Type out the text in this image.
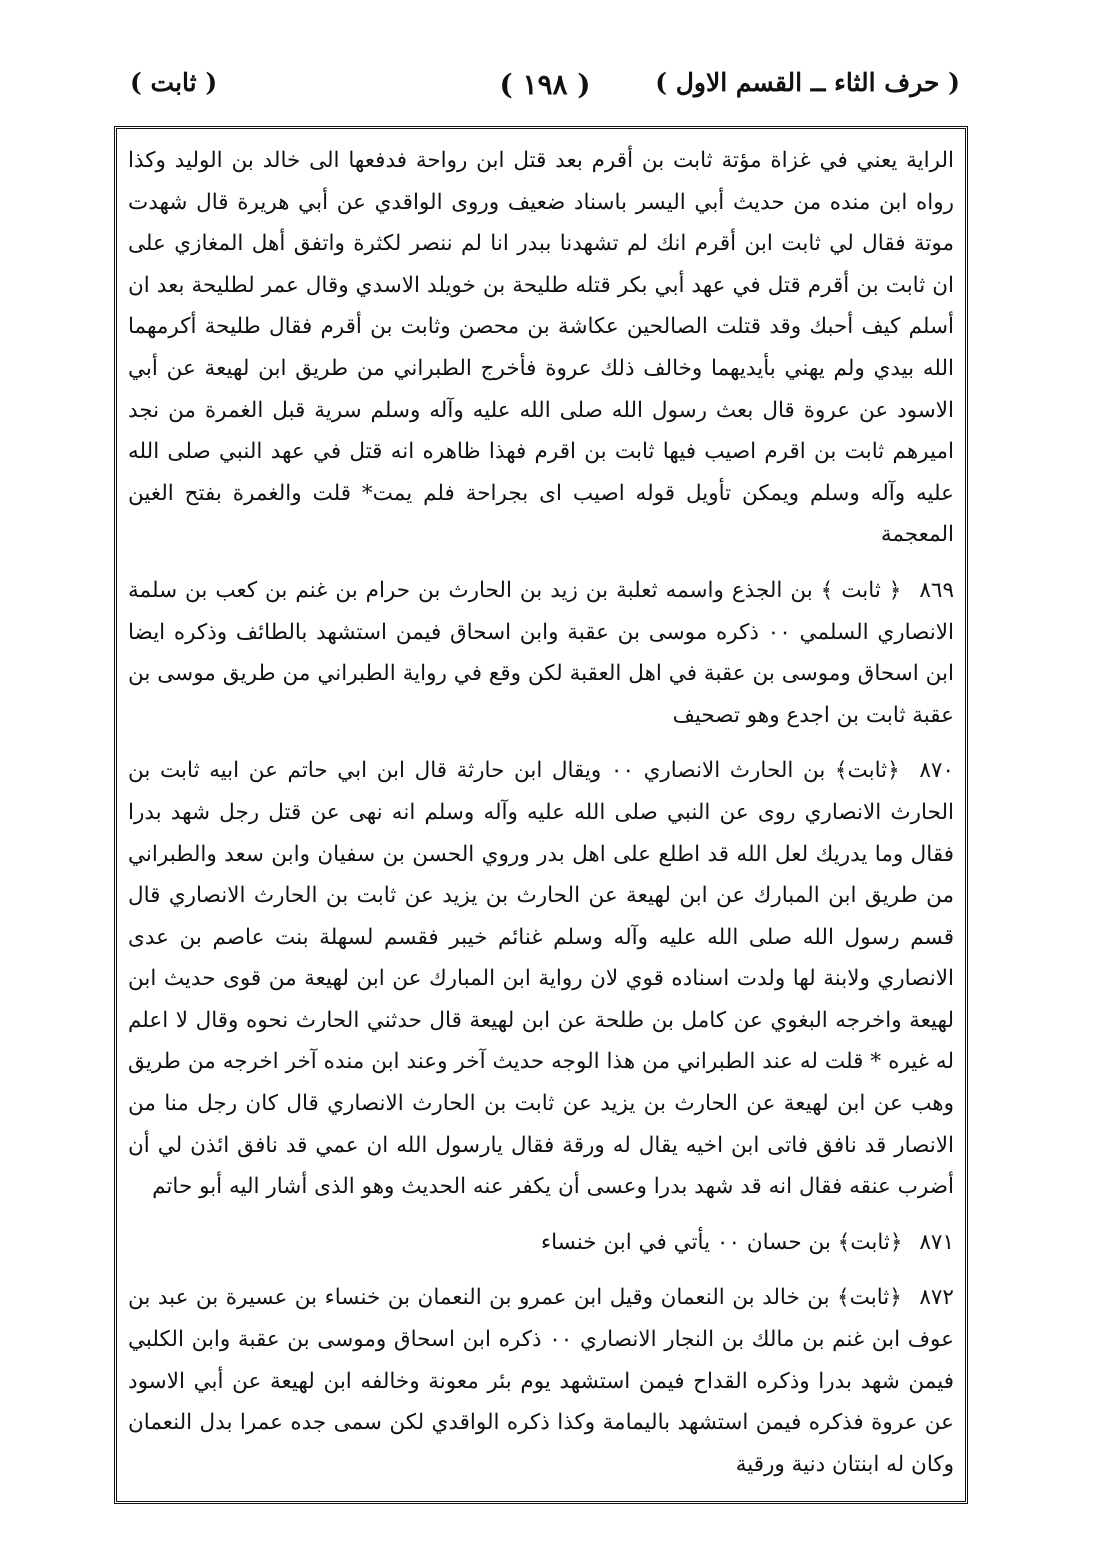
( حرف الثاء ــ القسم الاول )
( ١٩٨ )
( ثابت )

الراية يعني في غزاة مؤتة ثابت بن أقرم بعد قتل ابن رواحة فدفعها الى خالد بن الوليد وكذا رواه ابن منده من حديث أبي اليسر باسناد ضعيف وروى الواقدي عن أبي هريرة قال شهدت موتة فقال لي ثابت ابن أقرم انك لم تشهدنا ببدر انا لم ننصر لكثرة واتفق أهل المغازي على ان ثابت بن أقرم قتل في عهد أبي بكر قتله طليحة بن خويلد الاسدي وقال عمر لطليحة بعد ان أسلم كيف أحبك وقد قتلت الصالحين عكاشة بن محصن وثابت بن أقرم فقال طليحة أكرمهما الله بيدي ولم يهني بأيديهما وخالف ذلك عروة فأخرج الطبراني من طريق ابن لهيعة عن أبي الاسود عن عروة قال بعث رسول الله صلى الله عليه وآله وسلم سرية قبل الغمرة من نجد اميرهم ثابت بن اقرم اصيب فيها ثابت بن اقرم فهذا ظاهره انه قتل في عهد النبي صلى الله عليه وآله وسلم ويمكن تأويل قوله اصيب اى بجراحة فلم يمت* قلت والغمرة بفتح الغين المعجمة

٨٦٩ ﴿ ثابت ﴾ بن الجذع واسمه ثعلبة بن زيد بن الحارث بن حرام بن غنم بن كعب بن سلمة الانصاري السلمي ٠٠ ذكره موسى بن عقبة وابن اسحاق فيمن استشهد بالطائف وذكره ايضا ابن اسحاق وموسى بن عقبة في اهل العقبة لكن وقع في رواية الطبراني من طريق موسى بن عقبة ثابت بن اجدع وهو تصحيف

٨٧٠ ﴿ثابت﴾ بن الحارث الانصاري ٠٠ ويقال ابن حارثة قال ابن ابي حاتم عن ابيه ثابت بن الحارث الانصاري روى عن النبي صلى الله عليه وآله وسلم انه نهى عن قتل رجل شهد بدرا فقال وما يدريك لعل الله قد اطلع على اهل بدر وروي الحسن بن سفيان وابن سعد والطبراني من طريق ابن المبارك عن ابن لهيعة عن الحارث بن يزيد عن ثابت بن الحارث الانصاري قال قسم رسول الله صلى الله عليه وآله وسلم غنائم خيبر فقسم لسهلة بنت عاصم بن عدى الانصاري ولابنة لها ولدت اسناده قوي لان رواية ابن المبارك عن ابن لهيعة من قوى حديث ابن لهيعة واخرجه البغوي عن كامل بن طلحة عن ابن لهيعة قال حدثني الحارث نحوه وقال لا اعلم له غيره * قلت له عند الطبراني من هذا الوجه حديث آخر وعند ابن منده آخر اخرجه من طريق وهب عن ابن لهيعة عن الحارث بن يزيد عن ثابت بن الحارث الانصاري قال كان رجل منا من الانصار قد نافق فاتى ابن اخيه يقال له ورقة فقال يارسول الله ان عمي قد نافق ائذن لي أن أضرب عنقه فقال انه قد شهد بدرا وعسى أن يكفر عنه الحديث وهو الذى أشار اليه أبو حاتم

٨٧١ ﴿ثابت﴾ بن حسان ٠٠ يأتي في ابن خنساء

٨٧٢ ﴿ثابت﴾ بن خالد بن النعمان وقيل ابن عمرو بن النعمان بن خنساء بن عسيرة بن عبد بن عوف ابن غنم بن مالك بن النجار الانصاري ٠٠ ذكره ابن اسحاق وموسى بن عقبة وابن الكلبي فيمن شهد بدرا وذكره القداح فيمن استشهد يوم بئر معونة وخالفه ابن لهيعة عن أبي الاسود عن عروة فذكره فيمن استشهد باليمامة وكذا ذكره الواقدي لكن سمى جده عمرا بدل النعمان وكان له ابنتان دنية ورقية
